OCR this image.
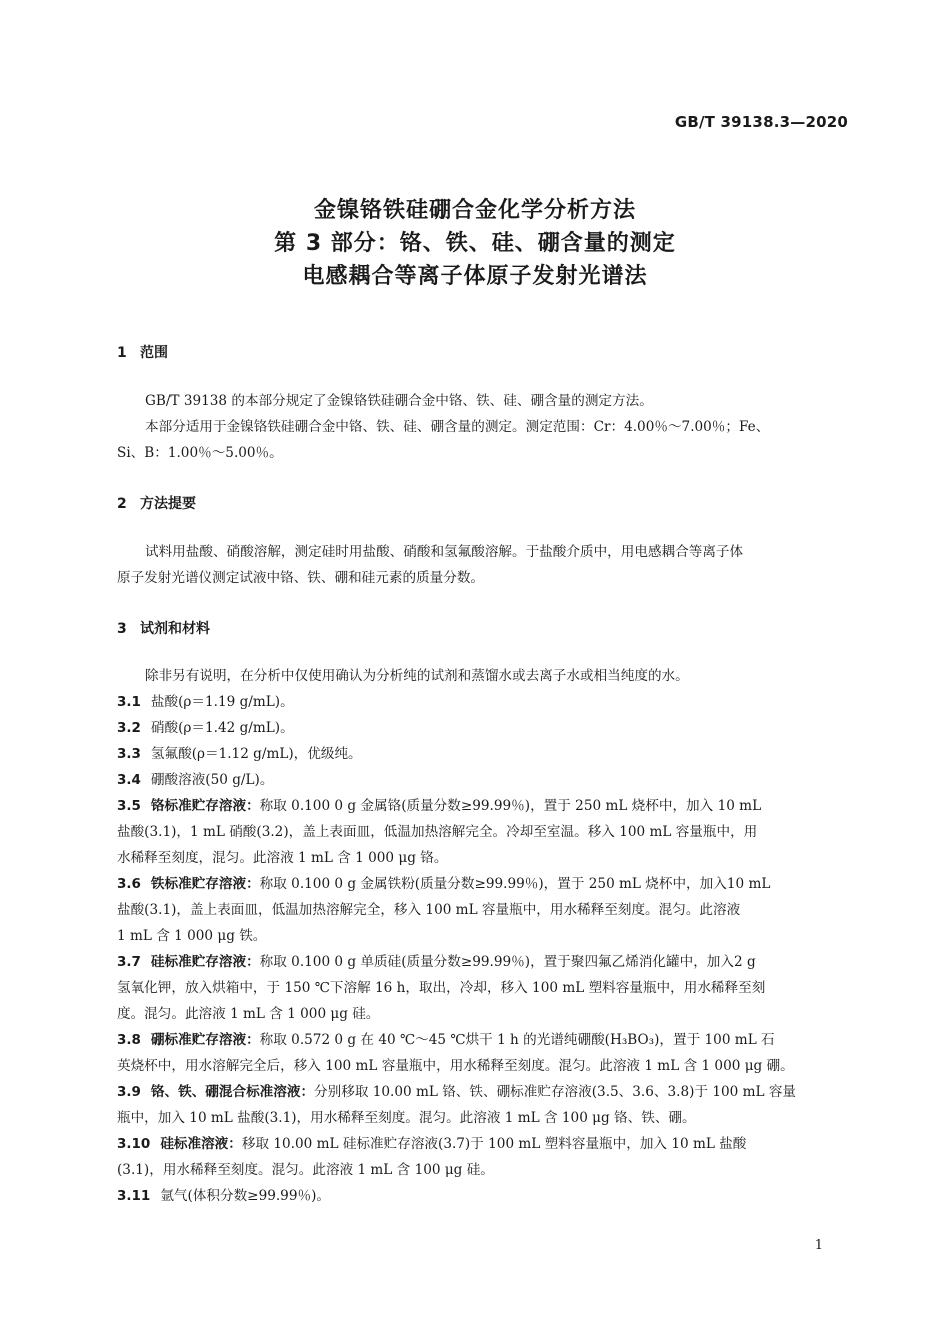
GB/T 39138.3—2020
金镍铬铁硅硼合金化学分析方法
第 3 部分：铬、铁、硅、硼含量的测定
电感耦合等离子体原子发射光谱法
1 范围
GB/T 39138 的本部分规定了金镍铬铁硅硼合金中铬、铁、硅、硼含量的测定方法。
本部分适用于金镍铬铁硅硼合金中铬、铁、硅、硼含量的测定。测定范围：Cr：4.00％～7.00％；Fe、
Si、B：1.00％～5.00％。
2 方法提要
试料用盐酸、硝酸溶解，测定硅时用盐酸、硝酸和氢氟酸溶解。于盐酸介质中，用电感耦合等离子体
原子发射光谱仪测定试液中铬、铁、硼和硅元素的质量分数。
3 试剂和材料
除非另有说明，在分析中仅使用确认为分析纯的试剂和蒸馏水或去离子水或相当纯度的水。
3.1 盐酸(ρ＝1.19 g/mL)。
3.2 硝酸(ρ＝1.42 g/mL)。
3.3 氢氟酸(ρ＝1.12 g/mL)，优级纯。
3.4 硼酸溶液(50 g/L)。
3.5 铬标准贮存溶液：称取 0.100 0 g 金属铬(质量分数≥99.99％)，置于 250 mL 烧杯中，加入 10 mL
盐酸(3.1)，1 mL 硝酸(3.2)，盖上表面皿，低温加热溶解完全。冷却至室温。移入 100 mL 容量瓶中，用
水稀释至刻度，混匀。此溶液 1 mL 含 1 000 μg 铬。
3.6 铁标准贮存溶液：称取 0.100 0 g 金属铁粉(质量分数≥99.99％)，置于 250 mL 烧杯中，加入10 mL
盐酸(3.1)，盖上表面皿，低温加热溶解完全，移入 100 mL 容量瓶中，用水稀释至刻度。混匀。此溶液
1 mL 含 1 000 μg 铁。
3.7 硅标准贮存溶液：称取 0.100 0 g 单质硅(质量分数≥99.99％)，置于聚四氟乙烯消化罐中，加入2 g
氢氧化钾，放入烘箱中，于 150 ℃下溶解 16 h，取出，冷却，移入 100 mL 塑料容量瓶中，用水稀释至刻
度。混匀。此溶液 1 mL 含 1 000 μg 硅。
3.8 硼标准贮存溶液：称取 0.572 0 g 在 40 ℃～45 ℃烘干 1 h 的光谱纯硼酸(H₃BO₃)，置于 100 mL 石
英烧杯中，用水溶解完全后，移入 100 mL 容量瓶中，用水稀释至刻度。混匀。此溶液 1 mL 含 1 000 μg 硼。
3.9 铬、铁、硼混合标准溶液：分别移取 10.00 mL 铬、铁、硼标准贮存溶液(3.5、3.6、3.8)于 100 mL 容量
瓶中，加入 10 mL 盐酸(3.1)，用水稀释至刻度。混匀。此溶液 1 mL 含 100 μg 铬、铁、硼。
3.10 硅标准溶液：移取 10.00 mL 硅标准贮存溶液(3.7)于 100 mL 塑料容量瓶中，加入 10 mL 盐酸
(3.1)，用水稀释至刻度。混匀。此溶液 1 mL 含 100 μg 硅。
3.11 氩气(体积分数≥99.99％)。
1
